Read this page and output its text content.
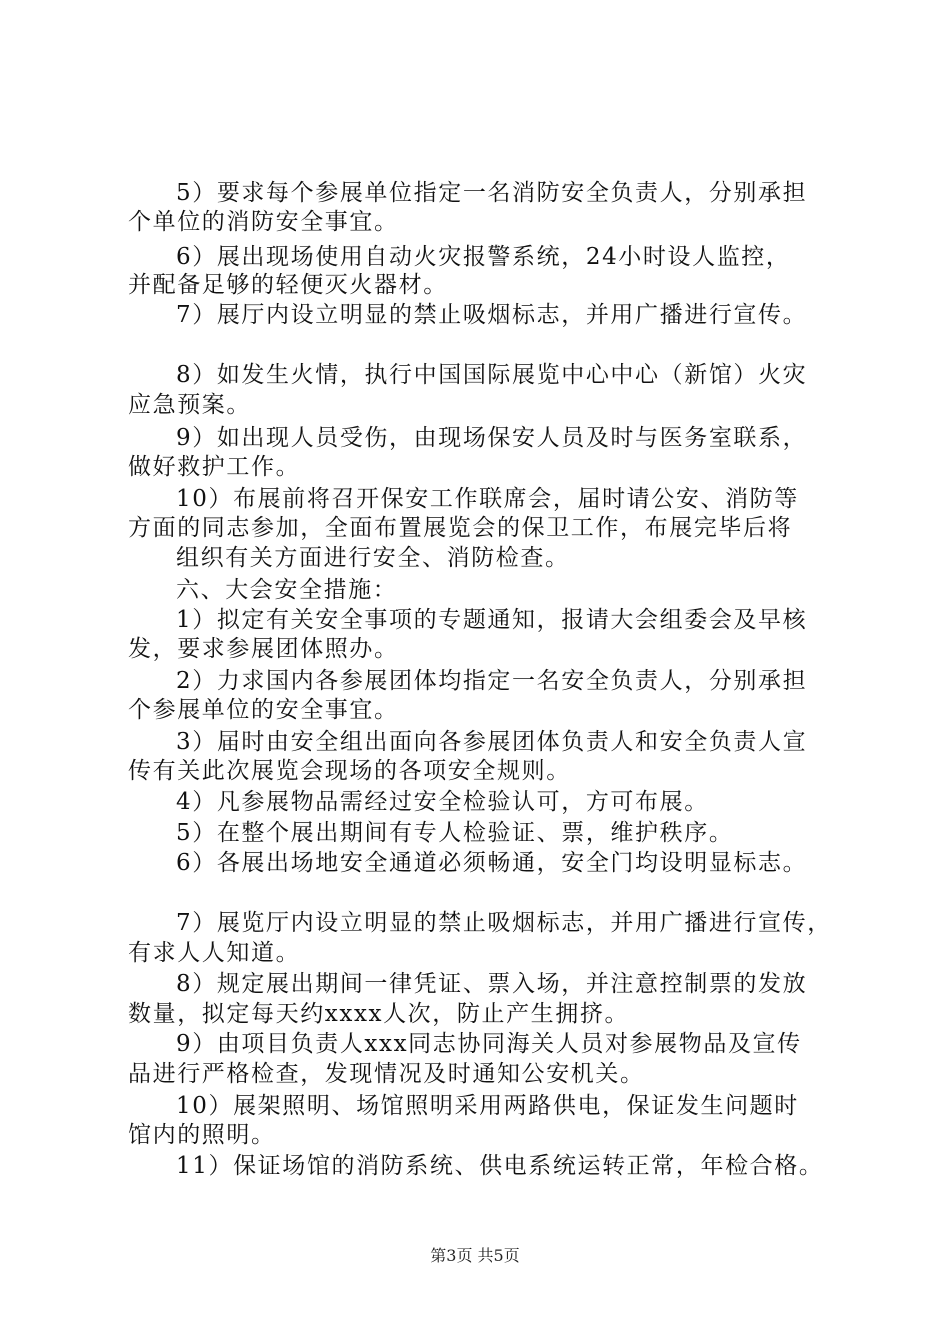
5）要求每个参展单位指定一名消防安全负责人，分别承担
个单位的消防安全事宜。
6）展出现场使用自动火灾报警系统，24小时设人监控，
并配备足够的轻便灭火器材。
7）展厅内设立明显的禁止吸烟标志，并用广播进行宣传。
8）如发生火情，执行中国国际展览中心中心（新馆）火灾
应急预案。
9）如出现人员受伤，由现场保安人员及时与医务室联系，
做好救护工作。
10）布展前将召开保安工作联席会，届时请公安、消防等
方面的同志参加，全面布置展览会的保卫工作，布展完毕后将
组织有关方面进行安全、消防检查。
六、大会安全措施：
1）拟定有关安全事项的专题通知，报请大会组委会及早核
发，要求参展团体照办。
2）力求国内各参展团体均指定一名安全负责人，分别承担
个参展单位的安全事宜。
3）届时由安全组出面向各参展团体负责人和安全负责人宣
传有关此次展览会现场的各项安全规则。
4）凡参展物品需经过安全检验认可，方可布展。
5）在整个展出期间有专人检验证、票，维护秩序。
6）各展出场地安全通道必须畅通，安全门均设明显标志。
7）展览厅内设立明显的禁止吸烟标志，并用广播进行宣传，
有求人人知道。
8）规定展出期间一律凭证、票入场，并注意控制票的发放
数量，拟定每天约xxxx人次，防止产生拥挤。
9）由项目负责人xxx同志协同海关人员对参展物品及宣传
品进行严格检查，发现情况及时通知公安机关。
10）展架照明、场馆照明采用两路供电，保证发生问题时
馆内的照明。
11）保证场馆的消防系统、供电系统运转正常，年检合格。
第3页 共5页
